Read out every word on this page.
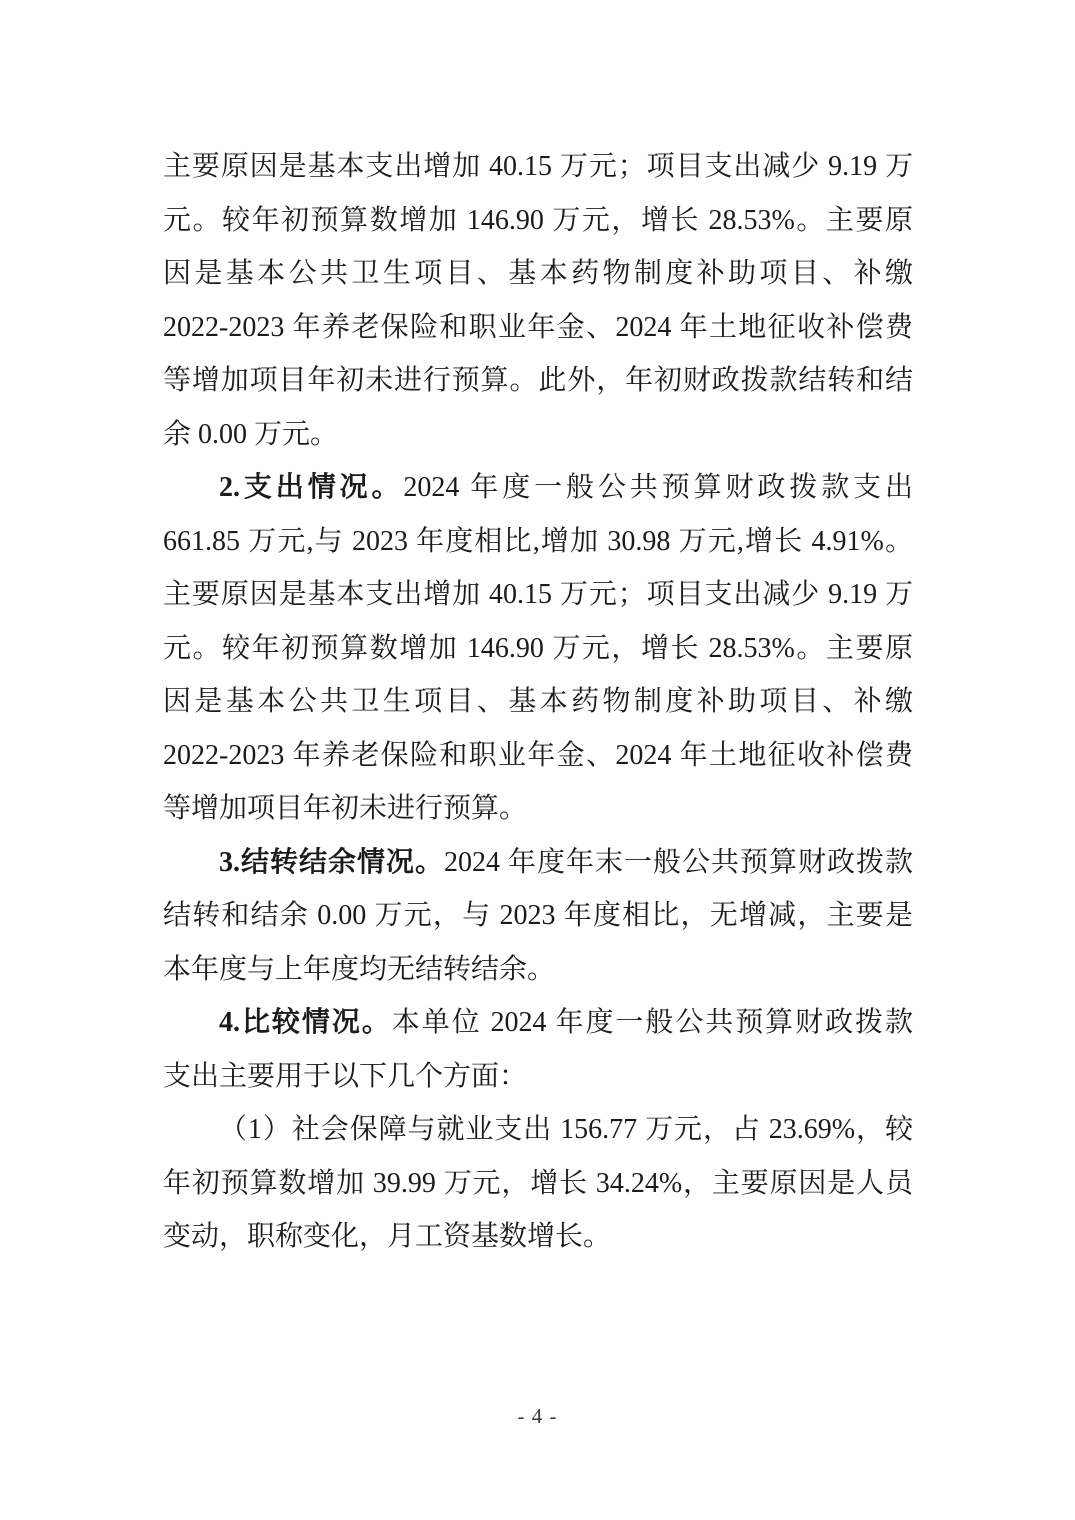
主要原因是基本支出增加 40.15 万元；项目支出减少 9.19 万
元。较年初预算数增加 146.90 万元，增长 28.53%。主要原
因是基本公共卫生项目、基本药物制度补助项目、补缴
2022-2023 年养老保险和职业年金、2024 年土地征收补偿费
等增加项目年初未进行预算。此外，年初财政拨款结转和结
余 0.00 万元。
2.支出情况。2024 年度一般公共预算财政拨款支出
661.85 万元,与 2023 年度相比,增加 30.98 万元,增长 4.91%。
主要原因是基本支出增加 40.15 万元；项目支出减少 9.19 万
元。较年初预算数增加 146.90 万元，增长 28.53%。主要原
因是基本公共卫生项目、基本药物制度补助项目、补缴
2022-2023 年养老保险和职业年金、2024 年土地征收补偿费
等增加项目年初未进行预算。
3.结转结余情况。2024 年度年末一般公共预算财政拨款
结转和结余 0.00 万元，与 2023 年度相比，无增减，主要是
本年度与上年度均无结转结余。
4.比较情况。本单位 2024 年度一般公共预算财政拨款
支出主要用于以下几个方面：
（1）社会保障与就业支出 156.77 万元，占 23.69%，较
年初预算数增加 39.99 万元，增长 34.24%，主要原因是人员
变动，职称变化，月工资基数增长。
- 4 -
